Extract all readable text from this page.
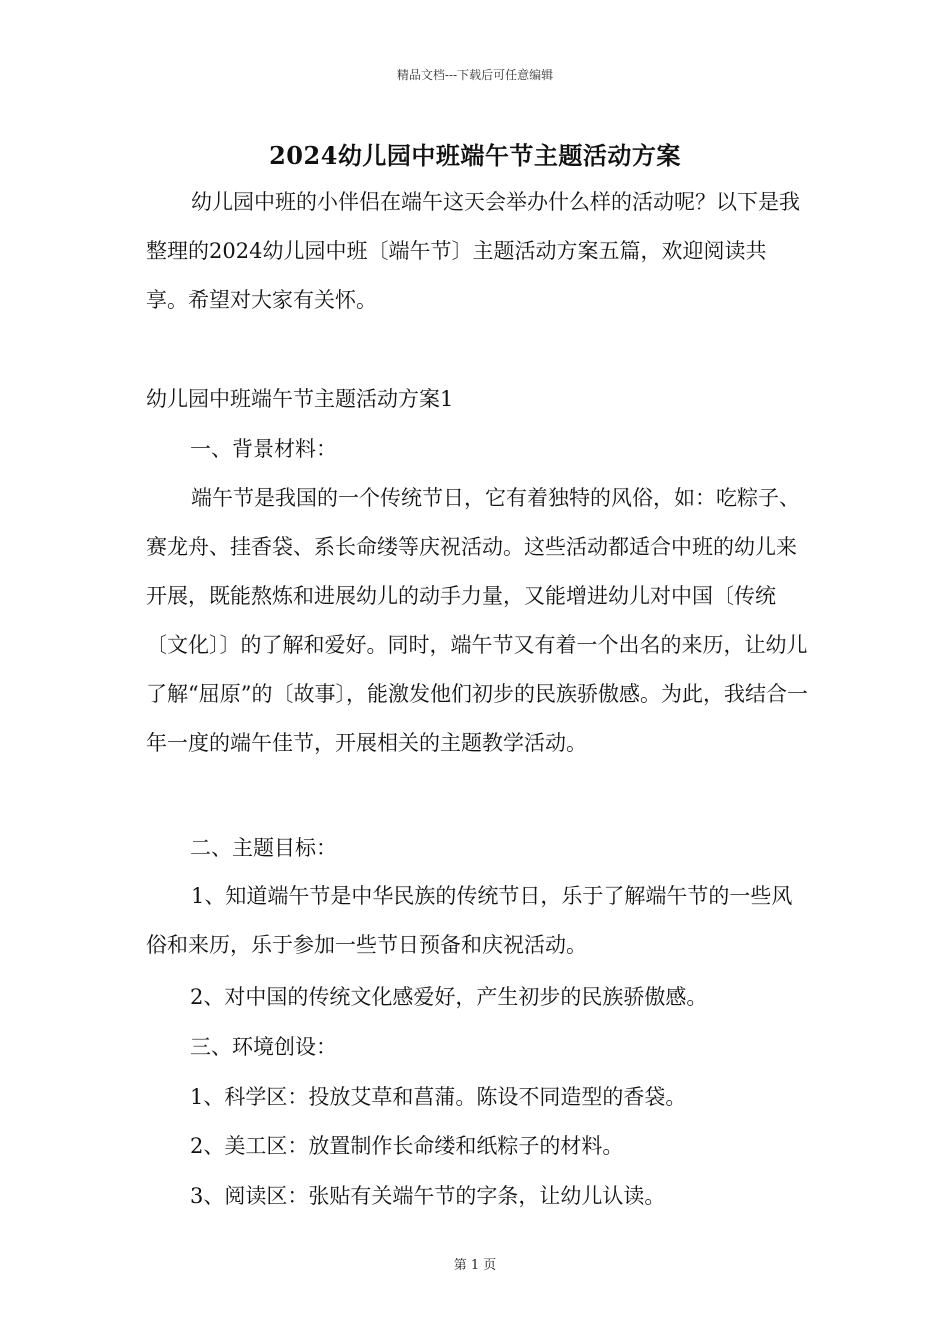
精品文档---下载后可任意编辑
2024幼儿园中班端午节主题活动方案

幼儿园中班的小伴侣在端午这天会举办什么样的活动呢？以下是我整理的2024幼儿园中班〔端午节〕主题活动方案五篇，欢迎阅读共享。希望对大家有关怀。

幼儿园中班端午节主题活动方案1

一、背景材料：

端午节是我国的一个传统节日，它有着独特的风俗，如：吃粽子、赛龙舟、挂香袋、系长命缕等庆祝活动。这些活动都适合中班的幼儿来开展，既能熬炼和进展幼儿的动手力量，又能增进幼儿对中国〔传统〔文化〕〕的了解和爱好。同时，端午节又有着一个出名的来历，让幼儿了解“屈原”的〔故事〕，能激发他们初步的民族骄傲感。为此，我结合一年一度的端午佳节，开展相关的主题教学活动。

二、主题目标：

1、知道端午节是中华民族的传统节日，乐于了解端午节的一些风俗和来历，乐于参加一些节日预备和庆祝活动。

2、对中国的传统文化感爱好，产生初步的民族骄傲感。

三、环境创设：

1、科学区：投放艾草和菖蒲。陈设不同造型的香袋。

2、美工区：放置制作长命缕和纸粽子的材料。

3、阅读区：张贴有关端午节的字条，让幼儿认读。

第 1 页
